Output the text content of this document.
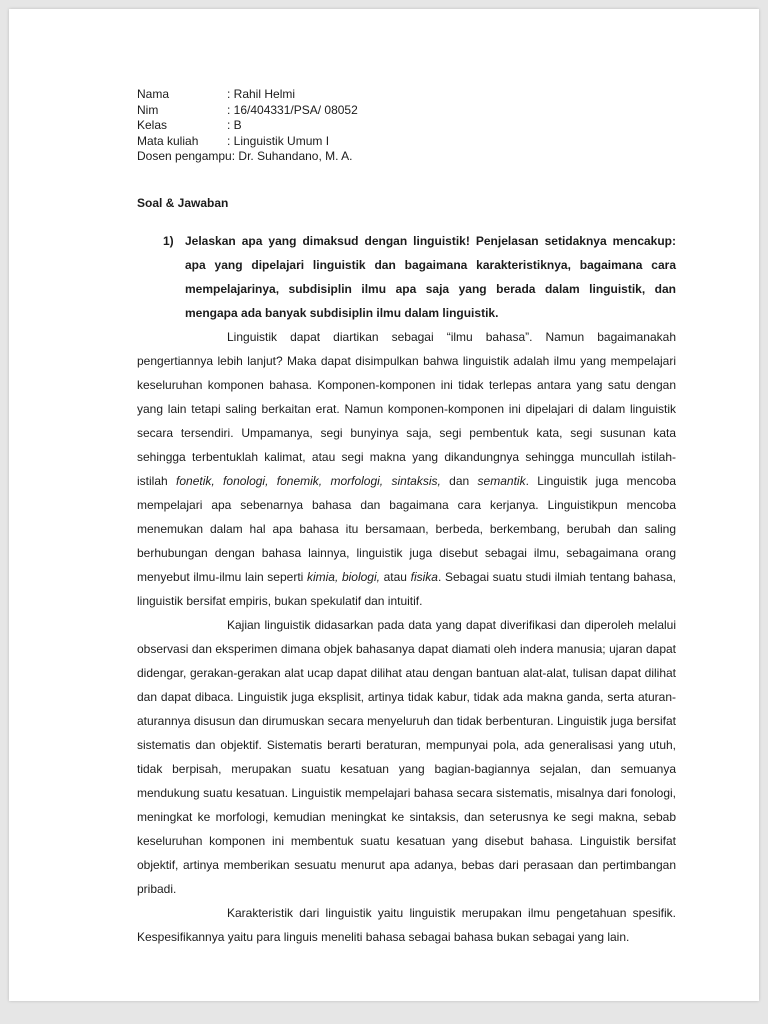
Nama	: Rahil Helmi
Nim	: 16/404331/PSA/ 08052
Kelas	: B
Mata kuliah	: Linguistik Umum I
Dosen pengampu : Dr. Suhandano, M. A.
Soal & Jawaban
1) Jelaskan apa yang dimaksud dengan linguistik! Penjelasan setidaknya mencakup: apa yang dipelajari linguistik dan bagaimana karakteristiknya, bagaimana cara mempelajarinya, subdisiplin ilmu apa saja yang berada dalam linguistik, dan mengapa ada banyak subdisiplin ilmu dalam linguistik.

Linguistik dapat diartikan sebagai “ilmu bahasa”. Namun bagaimanakah pengertiannya lebih lanjut? Maka dapat disimpulkan bahwa linguistik adalah ilmu yang mempelajari keseluruhan komponen bahasa. Komponen-komponen ini tidak terlepas antara yang satu dengan yang lain tetapi saling berkaitan erat. Namun komponen-komponen ini dipelajari di dalam linguistik secara tersendiri. Umpamanya, segi bunyinya saja, segi pembentuk kata, segi susunan kata sehingga terbentuklah kalimat, atau segi makna yang dikandungnya sehingga muncullah istilah-istilah fonetik, fonologi, fonemik, morfologi, sintaksis, dan semantik. Linguistik juga mencoba mempelajari apa sebenarnya bahasa dan bagaimana cara kerjanya. Linguistikpun mencoba menemukan dalam hal apa bahasa itu bersamaan, berbeda, berkembang, berubah dan saling berhubungan dengan bahasa lainnya, linguistik juga disebut sebagai ilmu, sebagaimana orang menyebut ilmu-ilmu lain seperti kimia, biologi, atau fisika. Sebagai suatu studi ilmiah tentang bahasa, linguistik bersifat empiris, bukan spekulatif dan intuitif.

Kajian linguistik didasarkan pada data yang dapat diverifikasi dan diperoleh melalui observasi dan eksperimen dimana objek bahasanya dapat diamati oleh indera manusia; ujaran dapat didengar, gerakan-gerakan alat ucap dapat dilihat atau dengan bantuan alat-alat, tulisan dapat dilihat dan dapat dibaca. Linguistik juga eksplisit, artinya tidak kabur, tidak ada makna ganda, serta aturan-aturannya disusun dan dirumuskan secara menyeluruh dan tidak berbenturan. Linguistik juga bersifat sistematis dan objektif. Sistematis berarti beraturan, mempunyai pola, ada generalisasi yang utuh, tidak berpisah, merupakan suatu kesatuan yang bagian-bagiannya sejalan, dan semuanya mendukung suatu kesatuan. Linguistik mempelajari bahasa secara sistematis, misalnya dari fonologi, meningkat ke morfologi, kemudian meningkat ke sintaksis, dan seterusnya ke segi makna, sebab keseluruhan komponen ini membentuk suatu kesatuan yang disebut bahasa. Linguistik bersifat objektif, artinya memberikan sesuatu menurut apa adanya, bebas dari perasaan dan pertimbangan pribadi.

Karakteristik dari linguistik yaitu linguistik merupakan ilmu pengetahuan spesifik. Kespesifikannya yaitu para linguis meneliti bahasa sebagai bahasa bukan sebagai yang lain.
